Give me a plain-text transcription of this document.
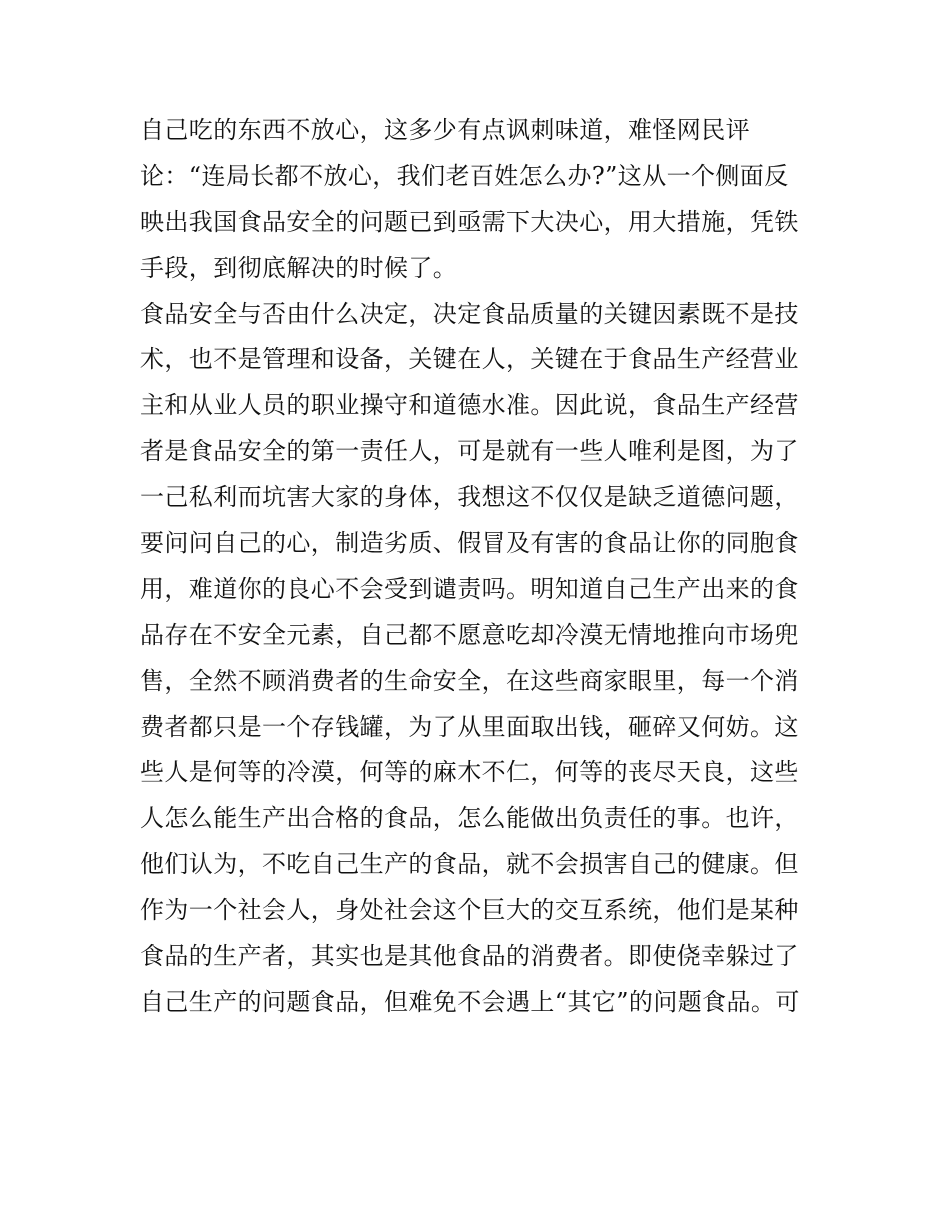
自己吃的东西不放心，这多少有点讽刺味道，难怪网民评
论：“连局长都不放心，我们老百姓怎么办?”这从一个侧面反
映出我国食品安全的问题已到亟需下大决心，用大措施，凭铁
手段，到彻底解决的时候了。
食品安全与否由什么决定，决定食品质量的关键因素既不是技
术，也不是管理和设备，关键在人，关键在于食品生产经营业
主和从业人员的职业操守和道德水准。因此说，食品生产经营
者是食品安全的第一责任人，可是就有一些人唯利是图，为了
一己私利而坑害大家的身体，我想这不仅仅是缺乏道德问题，
要问问自己的心，制造劣质、假冒及有害的食品让你的同胞食
用，难道你的良心不会受到谴责吗。明知道自己生产出来的食
品存在不安全元素，自己都不愿意吃却冷漠无情地推向市场兜
售，全然不顾消费者的生命安全，在这些商家眼里，每一个消
费者都只是一个存钱罐，为了从里面取出钱，砸碎又何妨。这
些人是何等的冷漠，何等的麻木不仁，何等的丧尽天良，这些
人怎么能生产出合格的食品，怎么能做出负责任的事。也许，
他们认为，不吃自己生产的食品，就不会损害自己的健康。但
作为一个社会人，身处社会这个巨大的交互系统，他们是某种
食品的生产者，其实也是其他食品的消费者。即使侥幸躲过了
自己生产的问题食品，但难免不会遇上“其它”的问题食品。可
